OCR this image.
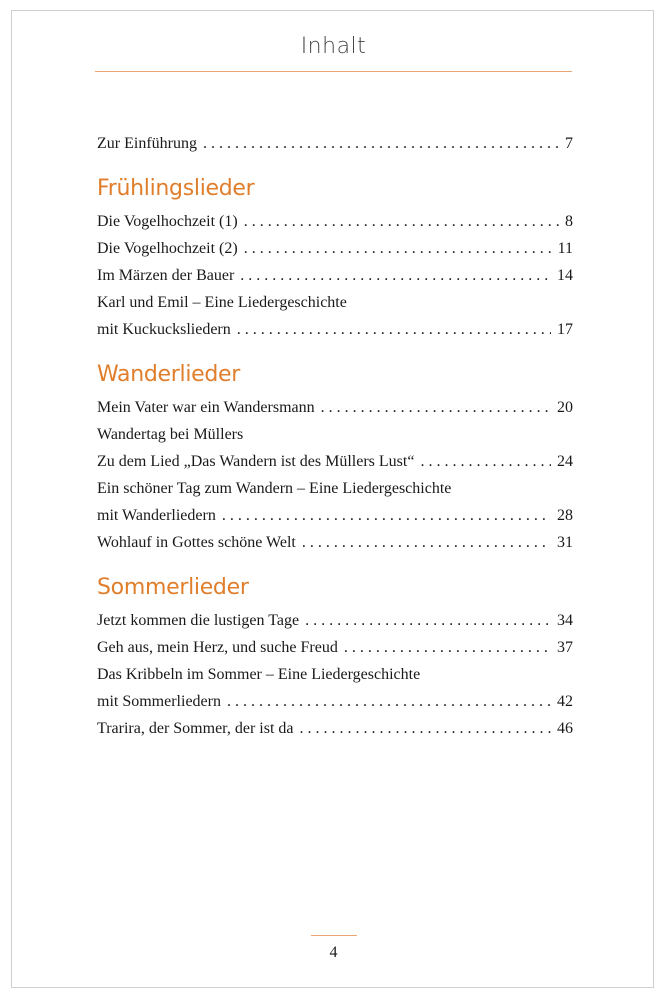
Inhalt
Zur Einführung . . .	7
Frühlingslieder
Die Vogelhochzeit (1) . . .	8
Die Vogelhochzeit (2) . . .	11
Im Märzen der Bauer . . .	14
Karl und Emil – Eine Liedergeschichte
mit Kuckucksliedern . . .	17
Wanderlieder
Mein Vater war ein Wandersmann . . .	20
Wandertag bei Müllers
Zu dem Lied „Das Wandern ist des Müllers Lust“ . . .	24
Ein schöner Tag zum Wandern – Eine Liedergeschichte
mit Wanderliedern . . .	28
Wohlauf in Gottes schöne Welt . . .	31
Sommerlieder
Jetzt kommen die lustigen Tage . . .	34
Geh aus, mein Herz, und suche Freud . . .	37
Das Kribbeln im Sommer – Eine Liedergeschichte
mit Sommerliedern . . .	42
Trarira, der Sommer, der ist da . . .	46
4
